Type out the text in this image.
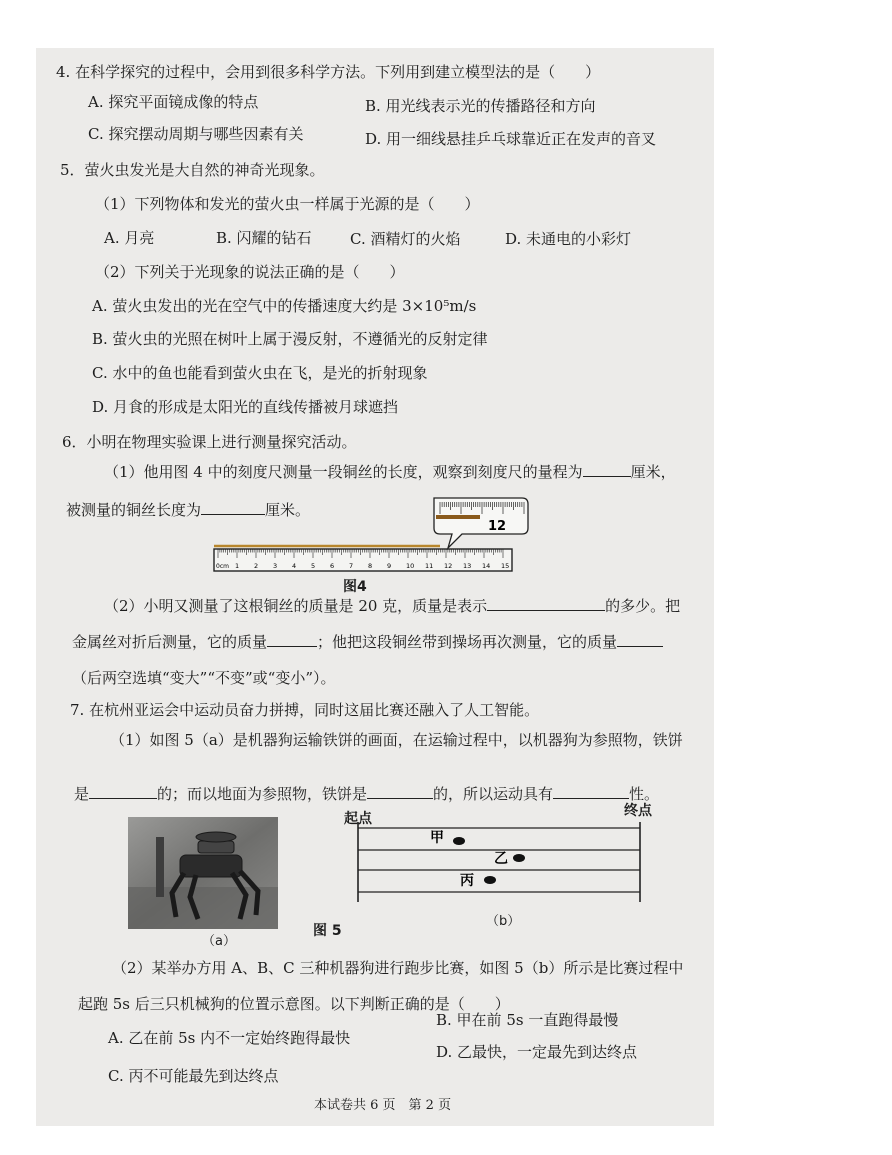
4. 在科学探究的过程中，会用到很多科学方法。下列用到建立模型法的是（　　）
A. 探究平面镜成像的特点	B. 用光线表示光的传播路径和方向
C. 探究摆动周期与哪些因素有关	D. 用一细线悬挂乒乓球靠近正在发声的音叉
5．萤火虫发光是大自然的神奇光现象。
（1）下列物体和发光的萤火虫一样属于光源的是（　　）
A. 月亮	B. 闪耀的钻石	C. 酒精灯的火焰	D. 未通电的小彩灯
（2）下列关于光现象的说法正确的是（　　）
A. 萤火虫发出的光在空气中的传播速度大约是 3×10⁵m/s
B. 萤火虫的光照在树叶上属于漫反射，不遵循光的反射定律
C. 水中的鱼也能看到萤火虫在飞，是光的折射现象
D. 月食的形成是太阳光的直线传播被月球遮挡
6．小明在物理实验课上进行测量探究活动。
（1）他用图 4 中的刻度尺测量一段铜丝的长度，观察到刻度尺的量程为	厘米，
被测量的铜丝长度为	厘米。
0cm 1 2 3 4 5 6 7 8 9 10 11 12 13 14 15
12
图4
（2）小明又测量了这根铜丝的质量是 20 克，质量是表示	的多少。把
金属丝对折后测量，它的质量	；他把这段铜丝带到操场再次测量，它的质量
（后两空选填“变大”“不变”或“变小”）。
7. 在杭州亚运会中运动员奋力拼搏，同时这届比赛还融入了人工智能。
（1）如图 5（a）是机器狗运输铁饼的画面，在运输过程中，以机器狗为参照物，铁饼
是	的；而以地面为参照物，铁饼是	的，所以运动具有	性。
（a）
图 5
起点	终点
甲
乙
丙
（b）
（2）某举办方用 A、B、C 三种机器狗进行跑步比赛，如图 5（b）所示是比赛过程中
起跑 5s 后三只机械狗的位置示意图。以下判断正确的是（　　）
A. 乙在前 5s 内不一定始终跑得最快
B. 甲在前 5s 一直跑得最慢
C. 丙不可能最先到达终点
D. 乙最快，一定最先到达终点
本试卷共 6 页　第 2 页
